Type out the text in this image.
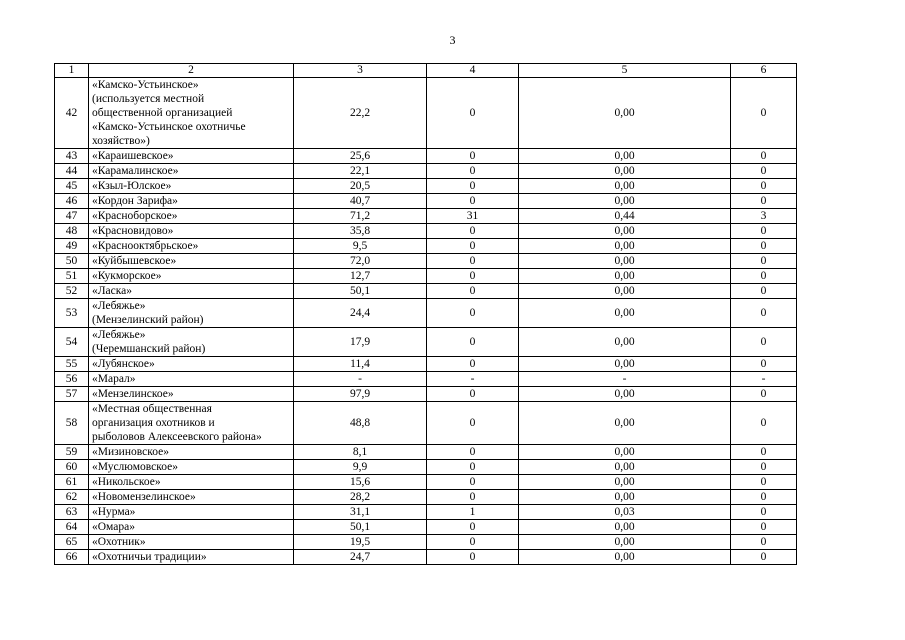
3
1	2	3	4	5	6
42	«Камско-Устьинское»
(используется местной
общественной организацией
«Камско-Устьинское охотничье
хозяйство»)	22,2	0	0,00	0
43	«Караишевское»	25,6	0	0,00	0
44	«Карамалинское»	22,1	0	0,00	0
45	«Кзыл-Юлское»	20,5	0	0,00	0
46	«Кордон Зарифа»	40,7	0	0,00	0
47	«Красноборское»	71,2	31	0,44	3
48	«Красновидово»	35,8	0	0,00	0
49	«Краснооктябрьское»	9,5	0	0,00	0
50	«Куйбышевское»	72,0	0	0,00	0
51	«Кукморское»	12,7	0	0,00	0
52	«Ласка»	50,1	0	0,00	0
53	«Лебяжье»
(Мензелинский район)	24,4	0	0,00	0
54	«Лебяжье»
(Черемшанский район)	17,9	0	0,00	0
55	«Лубянское»	11,4	0	0,00	0
56	«Марал»	-	-	-	-
57	«Мензелинское»	97,9	0	0,00	0
58	«Местная общественная
организация охотников и
рыболовов Алексеевского района»	48,8	0	0,00	0
59	«Мизиновское»	8,1	0	0,00	0
60	«Муслюмовское»	9,9	0	0,00	0
61	«Никольское»	15,6	0	0,00	0
62	«Новомензелинское»	28,2	0	0,00	0
63	«Нурма»	31,1	1	0,03	0
64	«Омара»	50,1	0	0,00	0
65	«Охотник»	19,5	0	0,00	0
66	«Охотничьи традиции»	24,7	0	0,00	0
